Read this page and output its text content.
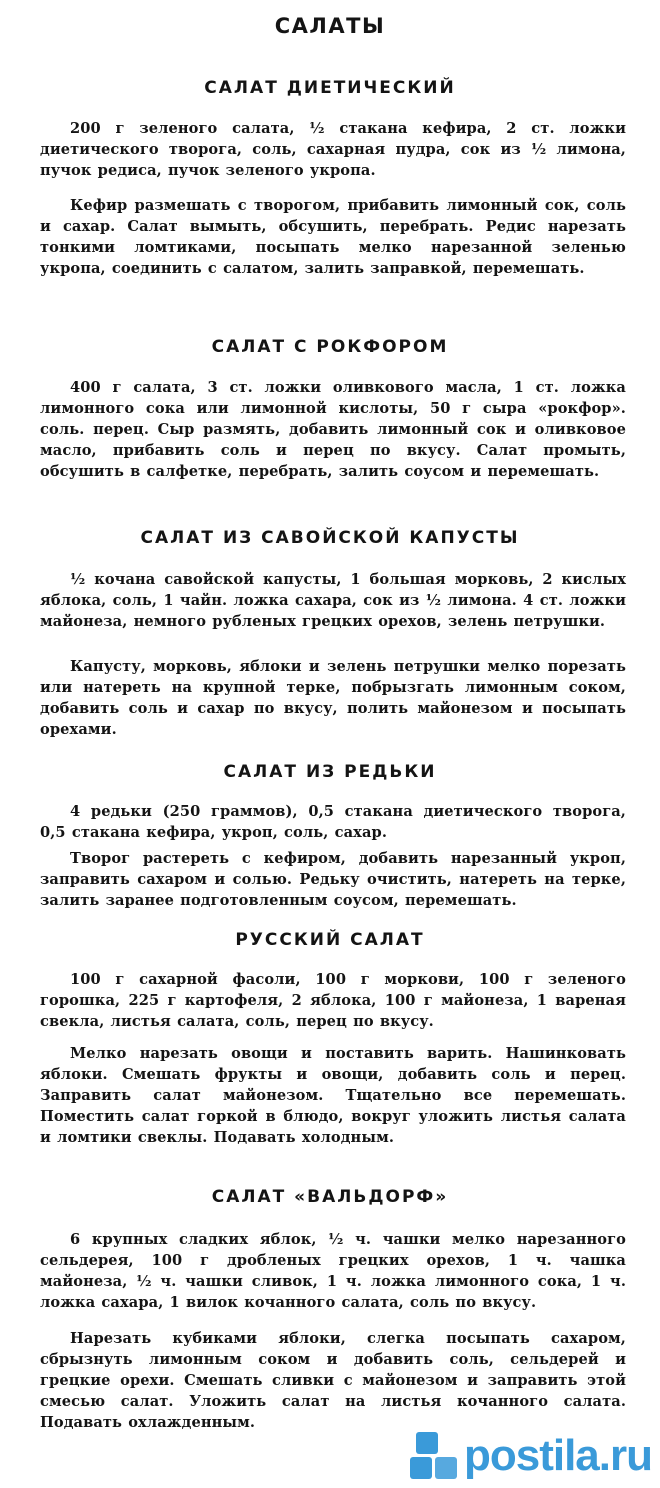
САЛАТЫ
САЛАТ ДИЕТИЧЕСКИЙ

200 г зеленого салата, ½ стакана кефира, 2 ст. ложки диетического творога, соль, сахарная пудра, сок из ½ лимона, пучок редиса, пучок зеленого укропа.

Кефир размешать с творогом, прибавить лимонный сок, соль и сахар. Салат вымыть, обсушить, перебрать. Редис нарезать тонкими ломтиками, посыпать мелко нарезанной зеленью укропа, соединить с салатом, залить заправкой, перемешать.

САЛАТ С РОКФОРОМ

400 г салата, 3 ст. ложки оливкового масла, 1 ст. ложка лимонного сока или лимонной кислоты, 50 г сыра «рокфор». соль. перец. Сыр размять, добавить лимонный сок и оливковое масло, прибавить соль и перец по вкусу. Салат промыть, обсушить в салфетке, перебрать, залить соусом и перемешать.

САЛАТ ИЗ САВОЙСКОЙ КАПУСТЫ

½ кочана савойской капусты, 1 большая морковь, 2 кислых яблока, соль, 1 чайн. ложка сахара, сок из ½ лимона. 4 ст. ложки майонеза, немного рубленых грецких орехов, зелень петрушки.

Капусту, морковь, яблоки и зелень петрушки мелко порезать или натереть на крупной терке, побрызгать лимонным соком, добавить соль и сахар по вкусу, полить майонезом и посыпать орехами.

САЛАТ ИЗ РЕДЬКИ

4 редьки (250 граммов), 0,5 стакана диетического творога, 0,5 стакана кефира, укроп, соль, сахар.

Творог растереть с кефиром, добавить нарезанный укроп, заправить сахаром и солью. Редьку очистить, натереть на терке, залить заранее подготовленным соусом, перемешать.

РУССКИЙ САЛАТ

100 г сахарной фасоли, 100 г моркови, 100 г зеленого горошка, 225 г картофеля, 2 яблока, 100 г майонеза, 1 вареная свекла, листья салата, соль, перец по вкусу.

Мелко нарезать овощи и поставить варить. Нашинковать яблоки. Смешать фрукты и овощи, добавить соль и перец. Заправить салат майонезом. Тщательно все перемешать. Поместить салат горкой в блюдо, вокруг уложить листья салата и ломтики свеклы. Подавать холодным.

САЛАТ «ВАЛЬДОРФ»

6 крупных сладких яблок, ½ ч. чашки мелко нарезанного сельдерея, 100 г дробленых грецких орехов, 1 ч. чашка майонеза, ½ ч. чашки сливок, 1 ч. ложка лимонного сока, 1 ч. ложка сахара, 1 вилок кочанного салата, соль по вкусу.

Нарезать кубиками яблоки, слегка посыпать сахаром, сбрызнуть лимонным соком и добавить соль, сельдерей и грецкие орехи. Смешать сливки с майонезом и заправить этой смесью салат. Уложить салат на листья кочанного салата. Подавать охлажденным.

postila.ru
